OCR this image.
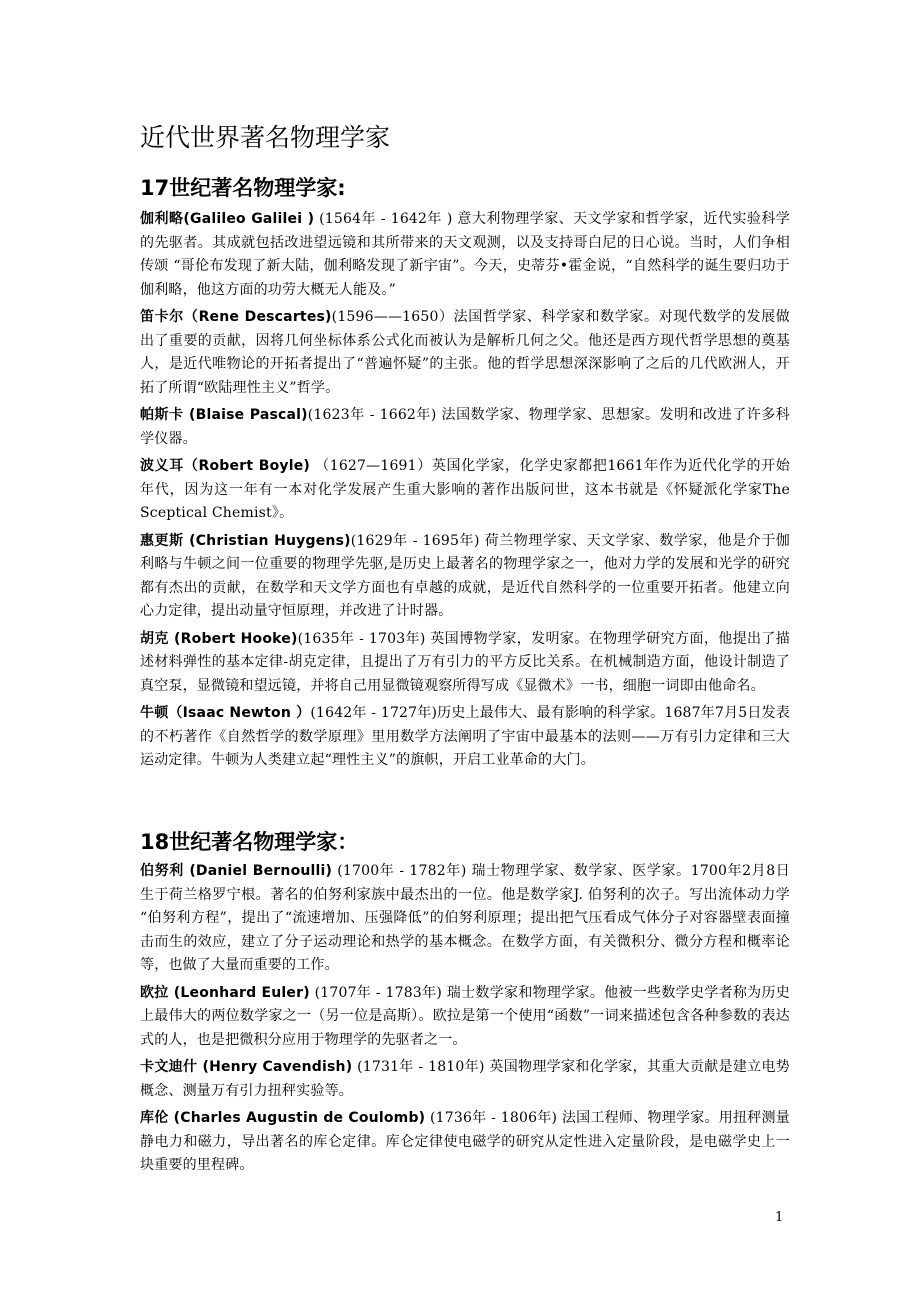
近代世界著名物理学家
17世纪著名物理学家:

伽利略(Galileo Galilei ) (1564年 - 1642年 ) 意大利物理学家、天文学家和哲学家，近代实验科学的先驱者。其成就包括改进望远镜和其所带来的天文观测，以及支持哥白尼的日心说。当时，人们争相传颂 “哥伦布发现了新大陆，伽利略发现了新宇宙”。今天，史蒂芬•霍金说，“自然科学的诞生要归功于伽利略，他这方面的功劳大概无人能及。”

笛卡尔（Rene Descartes)(1596——1650）法国哲学家、科学家和数学家。对现代数学的发展做出了重要的贡献，因将几何坐标体系公式化而被认为是解析几何之父。他还是西方现代哲学思想的奠基人，是近代唯物论的开拓者提出了“普遍怀疑”的主张。他的哲学思想深深影响了之后的几代欧洲人，开拓了所谓“欧陆理性主义”哲学。

帕斯卡 (Blaise Pascal)(1623年 - 1662年) 法国数学家、物理学家、思想家。发明和改进了许多科学仪器。

波义耳（Robert Boyle) （1627—1691）英国化学家，化学史家都把1661年作为近代化学的开始年代，因为这一年有一本对化学发展产生重大影响的著作出版问世，这本书就是《怀疑派化学家The Sceptical Chemist》。

惠更斯 (Christian Huygens)(1629年 - 1695年) 荷兰物理学家、天文学家、数学家，他是介于伽利略与牛顿之间一位重要的物理学先驱,是历史上最著名的物理学家之一，他对力学的发展和光学的研究都有杰出的贡献，在数学和天文学方面也有卓越的成就，是近代自然科学的一位重要开拓者。他建立向心力定律，提出动量守恒原理，并改进了计时器。

胡克 (Robert Hooke)(1635年 - 1703年) 英国博物学家，发明家。在物理学研究方面，他提出了描述材料弹性的基本定律-胡克定律，且提出了万有引力的平方反比关系。在机械制造方面，他设计制造了真空泵，显微镜和望远镜，并将自己用显微镜观察所得写成《显微术》一书，细胞一词即由他命名。

牛顿（Isaac Newton ）(1642年 - 1727年)历史上最伟大、最有影响的科学家。1687年7月5日发表的不朽著作《自然哲学的数学原理》里用数学方法阐明了宇宙中最基本的法则——万有引力定律和三大运动定律。牛顿为人类建立起“理性主义”的旗帜，开启工业革命的大门。

18世纪著名物理学家：

伯努利 (Daniel Bernoulli) (1700年 - 1782年) 瑞士物理学家、数学家、医学家。1700年2月8日生于荷兰格罗宁根。著名的伯努利家族中最杰出的一位。他是数学家J. 伯努利的次子。写出流体动力学 “伯努利方程”，提出了“流速增加、压强降低”的伯努利原理；提出把气压看成气体分子对容器壁表面撞击而生的效应，建立了分子运动理论和热学的基本概念。在数学方面，有关微积分、微分方程和概率论等，也做了大量而重要的工作。

欧拉 (Leonhard Euler) (1707年 - 1783年) 瑞士数学家和物理学家。他被一些数学史学者称为历史上最伟大的两位数学家之一（另一位是高斯）。欧拉是第一个使用“函数”一词来描述包含各种参数的表达式的人，也是把微积分应用于物理学的先驱者之一。

卡文迪什 (Henry Cavendish) (1731年 - 1810年) 英国物理学家和化学家，其重大贡献是建立电势概念、测量万有引力扭秤实验等。

库伦 (Charles Augustin de Coulomb) (1736年 - 1806年) 法国工程师、物理学家。用扭秤测量静电力和磁力，导出著名的库仑定律。库仑定律使电磁学的研究从定性进入定量阶段，是电磁学史上一块重要的里程碑。

1
